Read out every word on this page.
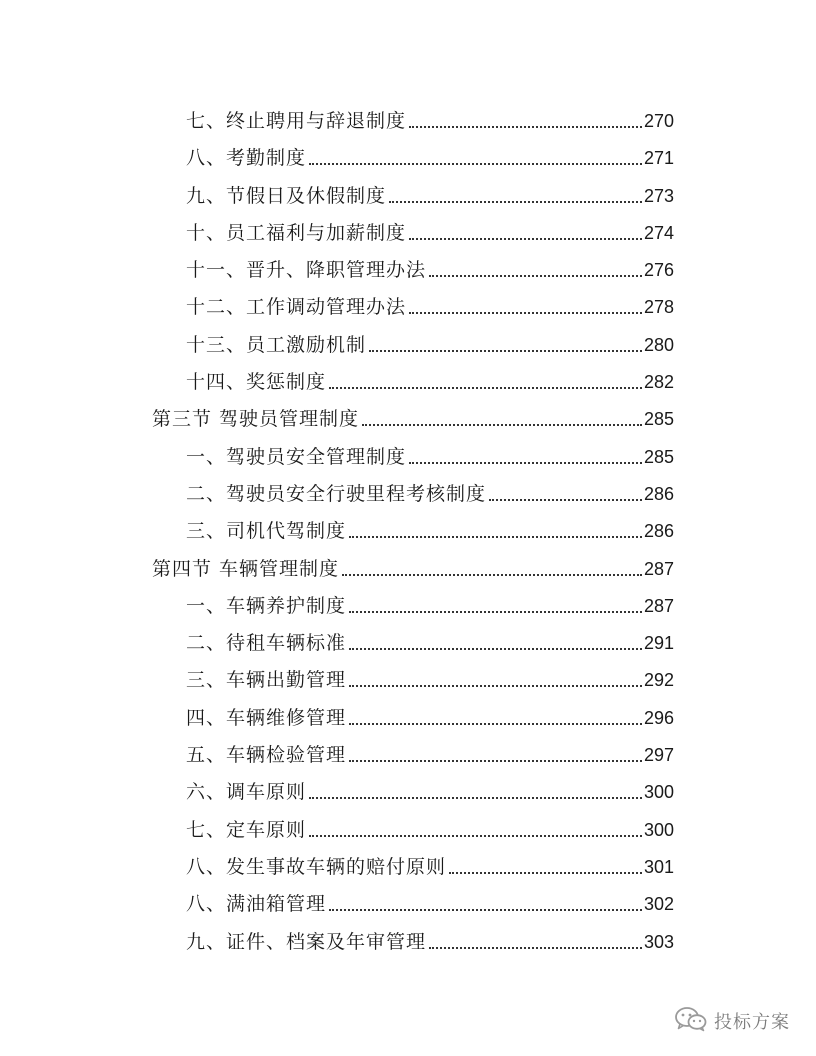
七、终止聘用与辞退制度	270
八、考勤制度	271
九、节假日及休假制度	273
十、员工福利与加薪制度	274
十一、晋升、降职管理办法	276
十二、工作调动管理办法	278
十三、员工激励机制	280
十四、奖惩制度	282
第三节 驾驶员管理制度	285
一、驾驶员安全管理制度	285
二、驾驶员安全行驶里程考核制度	286
三、司机代驾制度	286
第四节 车辆管理制度	287
一、车辆养护制度	287
二、待租车辆标准	291
三、车辆出勤管理	292
四、车辆维修管理	296
五、车辆检验管理	297
六、调车原则	300
七、定车原则	300
八、发生事故车辆的赔付原则	301
八、满油箱管理	302
九、证件、档案及年审管理	303
投标方案
